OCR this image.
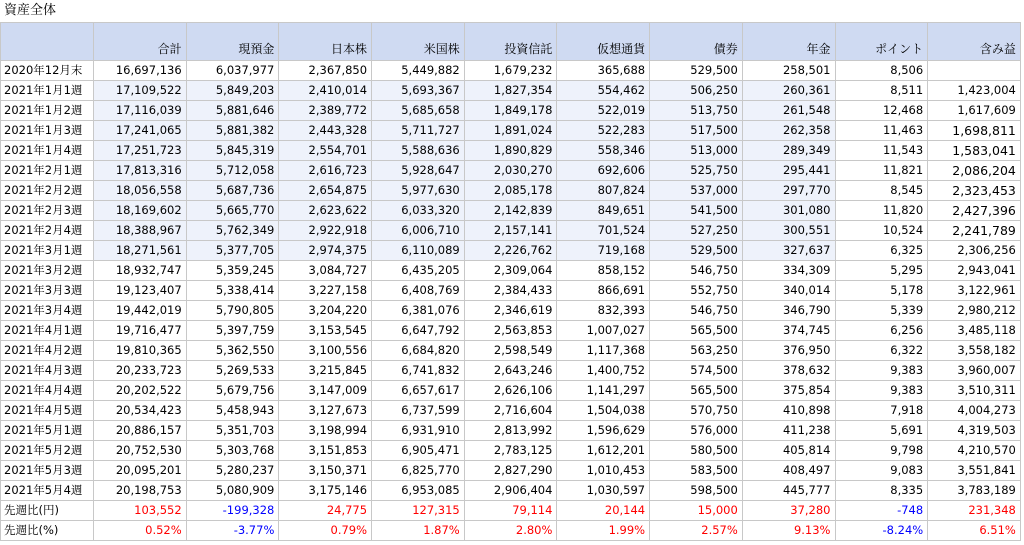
資産全体
	合計	現預金	日本株	米国株	投資信託	仮想通貨	債券	年金	ポイント	含み益
2020年12月末	16,697,136	6,037,977	2,367,850	5,449,882	1,679,232	365,688	529,500	258,501	8,506	
2021年1月1週	17,109,522	5,849,203	2,410,014	5,693,367	1,827,354	554,462	506,250	260,361	8,511	1,423,004
2021年1月2週	17,116,039	5,881,646	2,389,772	5,685,658	1,849,178	522,019	513,750	261,548	12,468	1,617,609
2021年1月3週	17,241,065	5,881,382	2,443,328	5,711,727	1,891,024	522,283	517,500	262,358	11,463	1,698,811
2021年1月4週	17,251,723	5,845,319	2,554,701	5,588,636	1,890,829	558,346	513,000	289,349	11,543	1,583,041
2021年2月1週	17,813,316	5,712,058	2,616,723	5,928,647	2,030,270	692,606	525,750	295,441	11,821	2,086,204
2021年2月2週	18,056,558	5,687,736	2,654,875	5,977,630	2,085,178	807,824	537,000	297,770	8,545	2,323,453
2021年2月3週	18,169,602	5,665,770	2,623,622	6,033,320	2,142,839	849,651	541,500	301,080	11,820	2,427,396
2021年2月4週	18,388,967	5,762,349	2,922,918	6,006,710	2,157,141	701,524	527,250	300,551	10,524	2,241,789
2021年3月1週	18,271,561	5,377,705	2,974,375	6,110,089	2,226,762	719,168	529,500	327,637	6,325	2,306,256
2021年3月2週	18,932,747	5,359,245	3,084,727	6,435,205	2,309,064	858,152	546,750	334,309	5,295	2,943,041
2021年3月3週	19,123,407	5,338,414	3,227,158	6,408,769	2,384,433	866,691	552,750	340,014	5,178	3,122,961
2021年3月4週	19,442,019	5,790,805	3,204,220	6,381,076	2,346,619	832,393	546,750	346,790	5,339	2,980,212
2021年4月1週	19,716,477	5,397,759	3,153,545	6,647,792	2,563,853	1,007,027	565,500	374,745	6,256	3,485,118
2021年4月2週	19,810,365	5,362,550	3,100,556	6,684,820	2,598,549	1,117,368	563,250	376,950	6,322	3,558,182
2021年4月3週	20,233,723	5,269,533	3,215,845	6,741,832	2,643,246	1,400,752	574,500	378,632	9,383	3,960,007
2021年4月4週	20,202,522	5,679,756	3,147,009	6,657,617	2,626,106	1,141,297	565,500	375,854	9,383	3,510,311
2021年4月5週	20,534,423	5,458,943	3,127,673	6,737,599	2,716,604	1,504,038	570,750	410,898	7,918	4,004,273
2021年5月1週	20,886,157	5,351,703	3,198,994	6,931,910	2,813,992	1,596,629	576,000	411,238	5,691	4,319,503
2021年5月2週	20,752,530	5,303,768	3,151,853	6,905,471	2,783,125	1,612,201	580,500	405,814	9,798	4,210,570
2021年5月3週	20,095,201	5,280,237	3,150,371	6,825,770	2,827,290	1,010,453	583,500	408,497	9,083	3,551,841
2021年5月4週	20,198,753	5,080,909	3,175,146	6,953,085	2,906,404	1,030,597	598,500	445,777	8,335	3,783,189
先週比(円)	103,552	-199,328	24,775	127,315	79,114	20,144	15,000	37,280	-748	231,348
先週比(%)	0.52%	-3.77%	0.79%	1.87%	2.80%	1.99%	2.57%	9.13%	-8.24%	6.51%
